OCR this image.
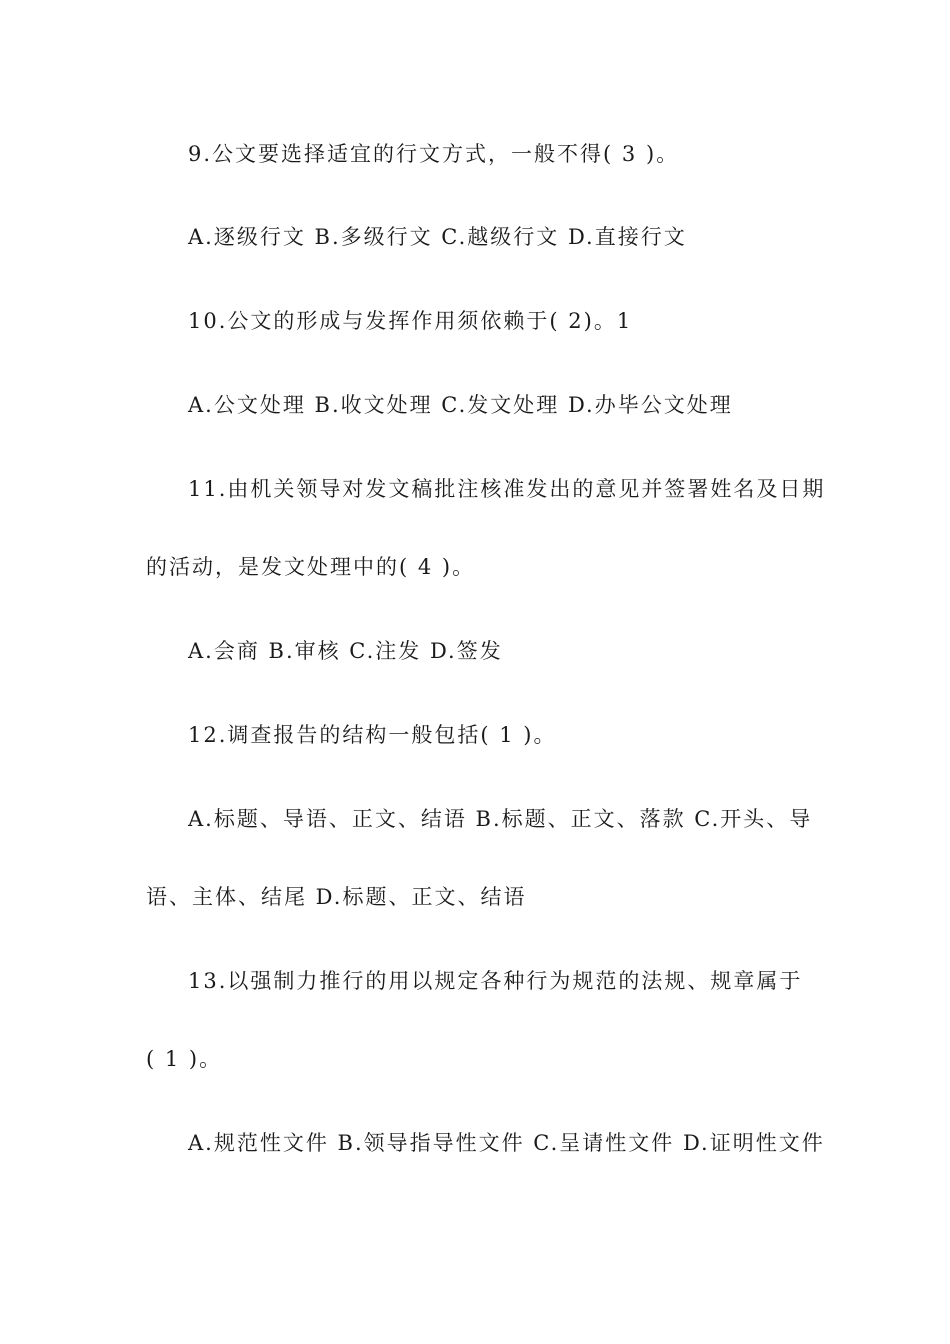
9.公文要选择适宜的行文方式，一般不得( 3 )。
A.逐级行文 B.多级行文 C.越级行文 D.直接行文
10.公文的形成与发挥作用须依赖于( 2)。1
A.公文处理 B.收文处理 C.发文处理 D.办毕公文处理
11.由机关领导对发文稿批注核准发出的意见并签署姓名及日期
的活动，是发文处理中的( 4 )。
A.会商 B.审核 C.注发 D.签发
12.调查报告的结构一般包括( 1 )。
A.标题、导语、正文、结语 B.标题、正文、落款 C.开头、导
语、主体、结尾 D.标题、正文、结语
13.以强制力推行的用以规定各种行为规范的法规、规章属于
( 1 )。
A.规范性文件 B.领导指导性文件 C.呈请性文件 D.证明性文件
